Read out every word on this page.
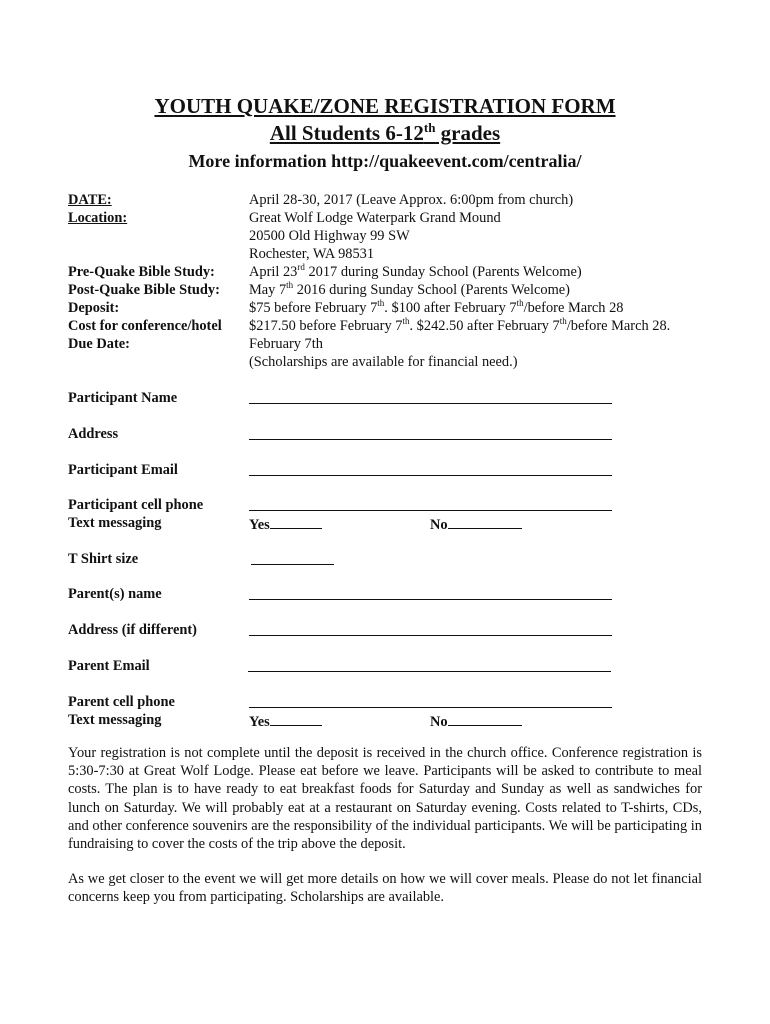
YOUTH QUAKE/ZONE REGISTRATION FORM
All Students 6-12th grades
More information http://quakeevent.com/centralia/
DATE:	April 28-30, 2017 (Leave Approx. 6:00pm from church)
Location:	Great Wolf Lodge Waterpark Grand Mound
20500 Old Highway 99 SW
Rochester, WA 98531
Pre-Quake Bible Study: April 23rd 2017 during Sunday School (Parents Welcome)
Post-Quake Bible Study: May 7th 2016 during Sunday School (Parents Welcome)
Deposit:	$75 before February 7th. $100 after February 7th/before March 28
Cost for conference/hotel $217.50 before February 7th. $242.50 after February 7th/before March 28.
Due Date:	February 7th
(Scholarships are available for financial need.)
Participant Name
Address
Participant Email
Participant cell phone
Text messaging	Yes	No
T Shirt size
Parent(s) name
Address (if different)
Parent Email
Parent cell phone
Text messaging	Yes	No
Your registration is not complete until the deposit is received in the church office. Conference registration is 5:30-7:30 at Great Wolf Lodge. Please eat before we leave. Participants will be asked to contribute to meal costs. The plan is to have ready to eat breakfast foods for Saturday and Sunday as well as sandwiches for lunch on Saturday. We will probably eat at a restaurant on Saturday evening. Costs related to T-shirts, CDs, and other conference souvenirs are the responsibility of the individual participants. We will be participating in fundraising to cover the costs of the trip above the deposit.
As we get closer to the event we will get more details on how we will cover meals. Please do not let financial concerns keep you from participating. Scholarships are available.
